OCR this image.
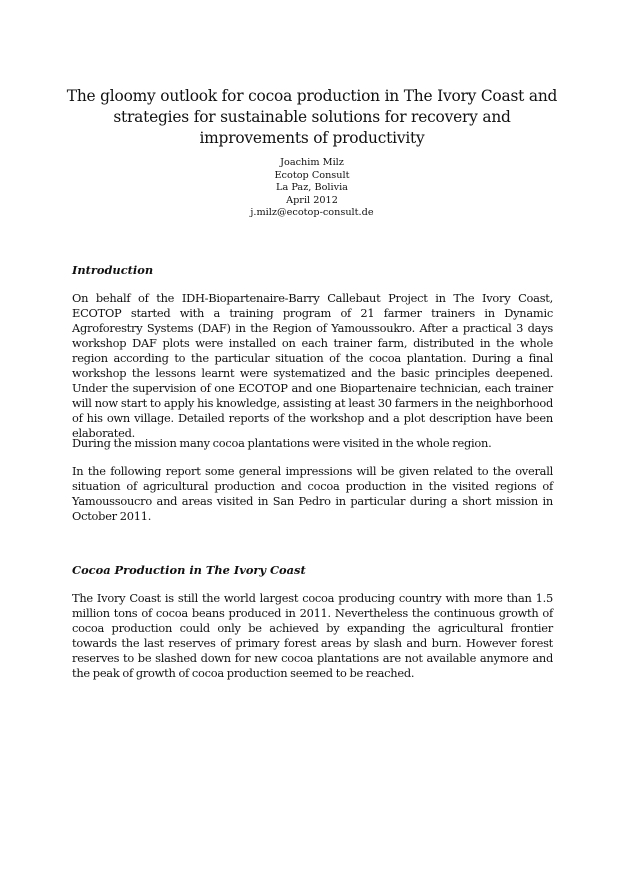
The gloomy outlook for cocoa production in The Ivory Coast and strategies for sustainable solutions for recovery and improvements of productivity
Joachim Milz
Ecotop Consult
La Paz, Bolivia
April 2012
j.milz@ecotop-consult.de
Introduction

On behalf of the IDH-Biopartenaire-Barry Callebaut Project in The Ivory Coast, ECOTOP started with a training program of 21 farmer trainers in Dynamic Agroforestry Systems (DAF) in the Region of Yamoussoukro. After a practical 3 days workshop DAF plots were installed on each trainer farm, distributed in the whole region according to the particular situation of the cocoa plantation. During a final workshop the lessons learnt were systematized and the basic principles deepened. Under the supervision of one ECOTOP and one Biopartenaire technician, each trainer will now start to apply his knowledge, assisting at least 30 farmers in the neighborhood of his own village. Detailed reports of the workshop and a plot description have been elaborated.

During the mission many cocoa plantations were visited in the whole region.

In the following report some general impressions will be given related to the overall situation of agricultural production and cocoa production in the visited regions of Yamoussoucro and areas visited in San Pedro in particular during a short mission in October 2011.

Cocoa Production in The Ivory Coast

The Ivory Coast is still the world largest cocoa producing country with more than 1.5 million tons of cocoa beans produced in 2011. Nevertheless the continuous growth of cocoa production could only be achieved by expanding the agricultural frontier towards the last reserves of primary forest areas by slash and burn. However forest reserves to be slashed down for new cocoa plantations are not available anymore and the peak of growth of cocoa production seemed to be reached.
